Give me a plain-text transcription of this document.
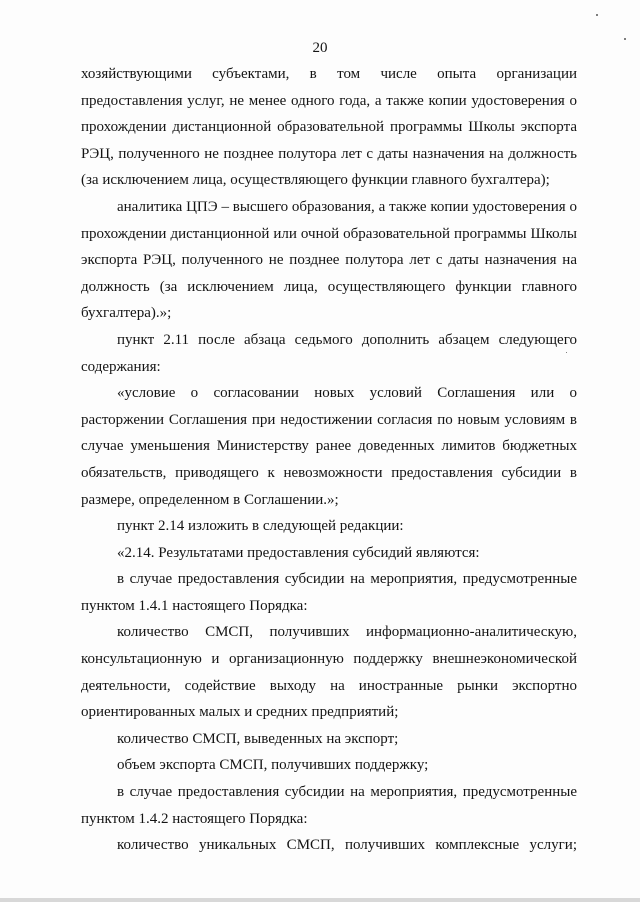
20

хозяйствующими субъектами, в том числе опыта организации предоставления услуг, не менее одного года, а также копии удостоверения о прохождении дистанционной образовательной программы Школы экспорта РЭЦ, полученного не позднее полутора лет с даты назначения на должность (за исключением лица, осуществляющего функции главного бухгалтера);

аналитика ЦПЭ – высшего образования, а также копии удостоверения о прохождении дистанционной или очной образовательной программы Школы экспорта РЭЦ, полученного не позднее полутора лет с даты назначения на должность (за исключением лица, осуществляющего функции главного бухгалтера).»;

пункт 2.11 после абзаца седьмого дополнить абзацем следующего содержания:

«условие о согласовании новых условий Соглашения или о расторжении Соглашения при недостижении согласия по новым условиям в случае уменьшения Министерству ранее доведенных лимитов бюджетных обязательств, приводящего к невозможности предоставления субсидии в размере, определенном в Соглашении.»;

пункт 2.14 изложить в следующей редакции:

«2.14. Результатами предоставления субсидий являются:

в случае предоставления субсидии на мероприятия, предусмотренные пунктом 1.4.1 настоящего Порядка:

количество СМСП, получивших информационно-аналитическую, консультационную и организационную поддержку внешнеэкономической деятельности, содействие выходу на иностранные рынки экспортно ориентированных малых и средних предприятий;

количество СМСП, выведенных на экспорт;

объем экспорта СМСП, получивших поддержку;

в случае предоставления субсидии на мероприятия, предусмотренные пунктом 1.4.2 настоящего Порядка:

количество уникальных СМСП, получивших комплексные услуги;
